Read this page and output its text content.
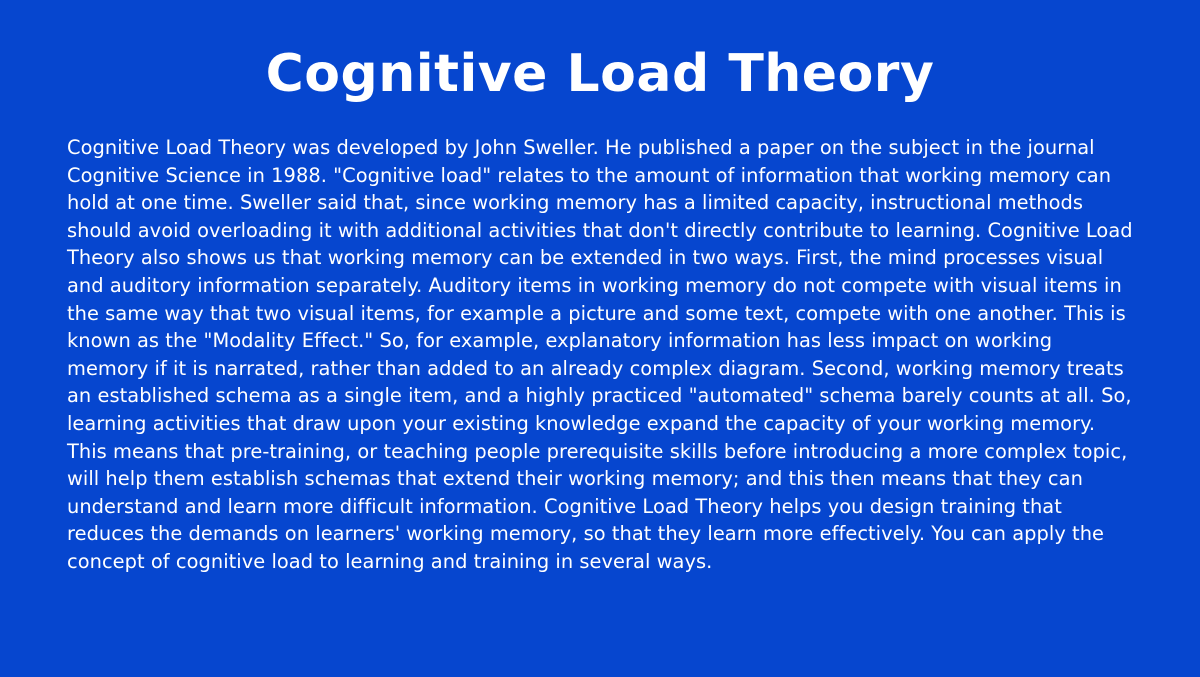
Cognitive Load Theory

Cognitive Load Theory was developed by John Sweller. He published a paper on the subject in the journal Cognitive Science in 1988. "Cognitive load" relates to the amount of information that working memory can hold at one time. Sweller said that, since working memory has a limited capacity, instructional methods should avoid overloading it with additional activities that don't directly contribute to learning. Cognitive Load Theory also shows us that working memory can be extended in two ways. First, the mind processes visual and auditory information separately. Auditory items in working memory do not compete with visual items in the same way that two visual items, for example a picture and some text, compete with one another. This is known as the "Modality Effect." So, for example, explanatory information has less impact on working memory if it is narrated, rather than added to an already complex diagram. Second, working memory treats an established schema as a single item, and a highly practiced "automated" schema barely counts at all. So, learning activities that draw upon your existing knowledge expand the capacity of your working memory. This means that pre-training, or teaching people prerequisite skills before introducing a more complex topic, will help them establish schemas that extend their working memory; and this then means that they can understand and learn more difficult information. Cognitive Load Theory helps you design training that reduces the demands on learners' working memory, so that they learn more effectively. You can apply the concept of cognitive load to learning and training in several ways.
